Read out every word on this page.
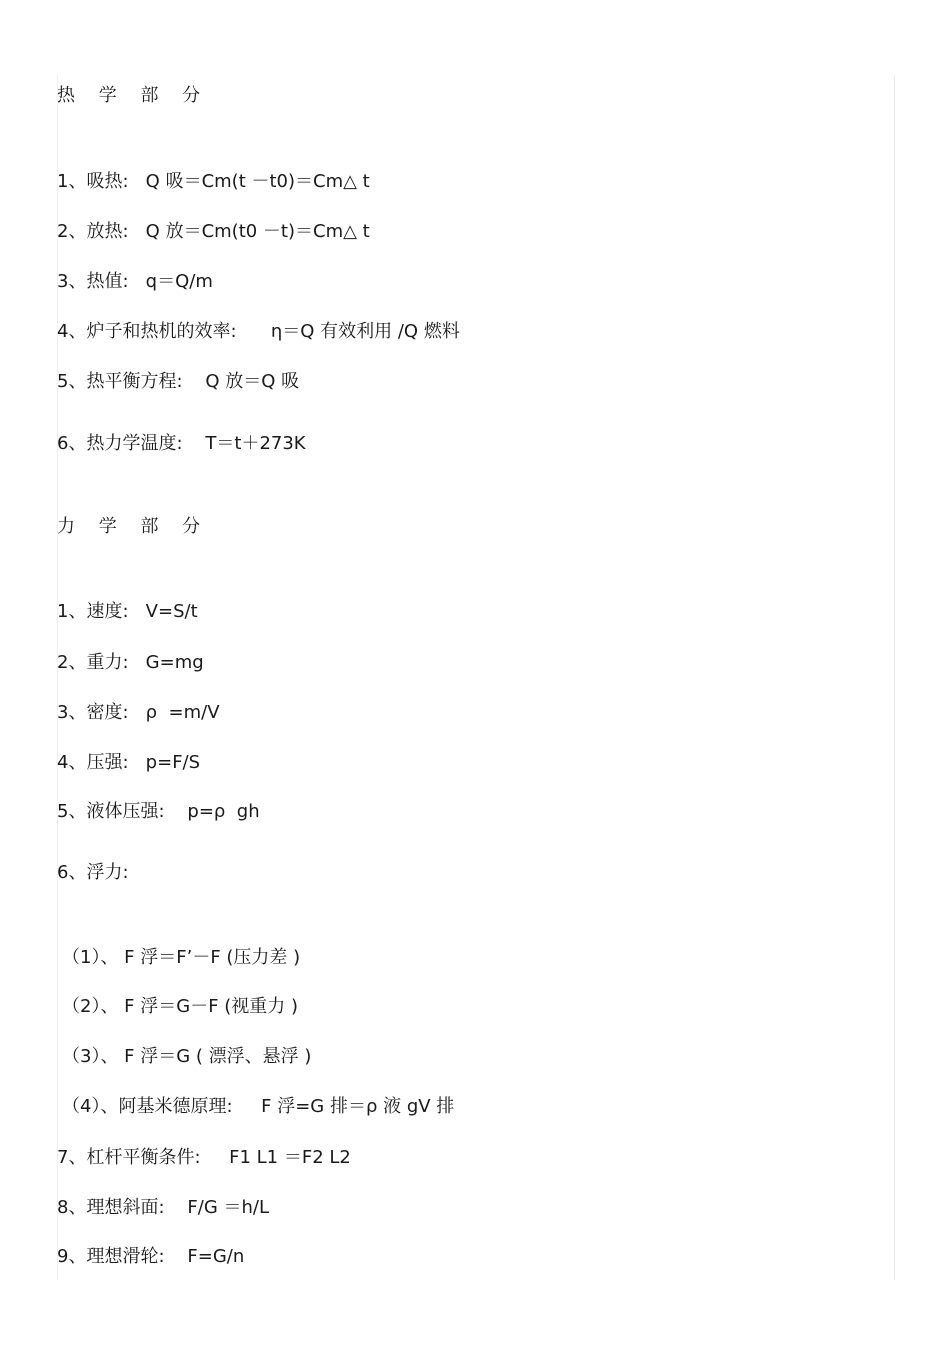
热 学 部 分
1、吸热:   Q 吸＝Cm(t －t0)＝Cm△ t
2、放热:   Q 放＝Cm(t0 －t)＝Cm△ t
3、热值:   q＝Q/m
4、炉子和热机的效率:      η＝Q 有效利用 /Q 燃料
5、热平衡方程:    Q 放＝Q 吸
6、热力学温度:    T＝t＋273K
力 学 部 分
1、速度:   V=S/t
2、重力:   G=mg
3、密度:   ρ  =m/V
4、压强:   p=F/S
5、液体压强:    p=ρ  gh
6、浮力:
（1）、 F 浮＝F’－F (压力差 )
（2）、 F 浮＝G－F (视重力 )
（3）、 F 浮＝G ( 漂浮、悬浮 )
（4）、阿基米德原理:     F 浮=G 排＝ρ 液 gV 排
7、杠杆平衡条件:     F1 L1 ＝F2 L2
8、理想斜面:    F/G ＝h/L
9、理想滑轮:    F=G/n
